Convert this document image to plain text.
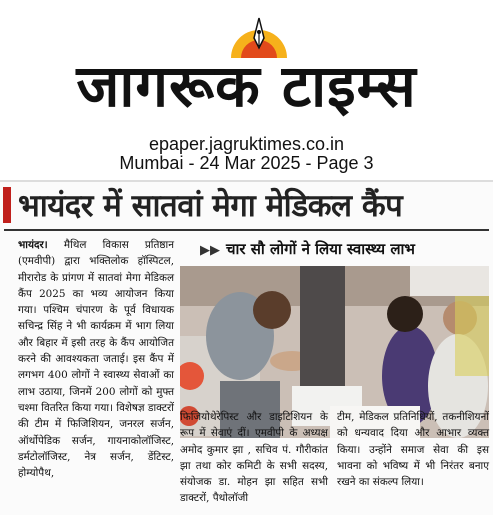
जागरूक टाइम्स
epaper.jagruktimes.co.in
Mumbai - 24 Mar 2025 - Page 3
भायंदर में सातवां मेगा मेडिकल कैंप
भायंदर। मैथिल विकास प्रतिष्ठान (एमवीपी) द्वारा भक्तिलोक हॉस्पिटल, मीरारोड के प्रांगण में सातवां मेगा मेडिकल कैंप 2025 का भव्य आयोजन किया गया। पश्चिम चंपारण के पूर्व विधायक सचिन्द्र सिंह ने भी कार्यक्रम में भाग लिया और बिहार में इसी तरह के कैंप आयोजित करने की आवश्यकता जताई। इस कैंप में लगभग 400 लोगों ने स्वास्थ्य सेवाओं का लाभ उठाया, जिनमें 200 लोगों को मुफ्त चश्मा वितरित किया गया। विशेषज्ञ डाक्टरों की टीम में फिजिशियन, जनरल सर्जन, ऑर्थोपेडिक सर्जन, गायनाकोलॉजिस्ट, डर्मटोलॉजिस्ट, नेत्र सर्जन, डेंटिस्ट, होम्योपैथ,
▶▶ चार सौ लोगों ने लिया स्वास्थ्य लाभ
फिजियोथेरेपिस्ट और डाइटिशियन के रूप में सेवाएं दीं। एमवीपी के अध्यक्ष अमोद कुमार झा , सचिव पं. गौरीकांत झा तथा कोर कमिटी के सभी सदस्य, संयोजक डा. मोहन झा सहित सभी डाक्टरों, पैथोलॉजी
टीम, मेडिकल प्रतिनिधियों, तकनीशियनों को धन्यवाद दिया और आभार व्यक्त किया। उन्होंने समाज सेवा की इस भावना को भविष्य में भी निरंतर बनाए रखने का संकल्प लिया।
